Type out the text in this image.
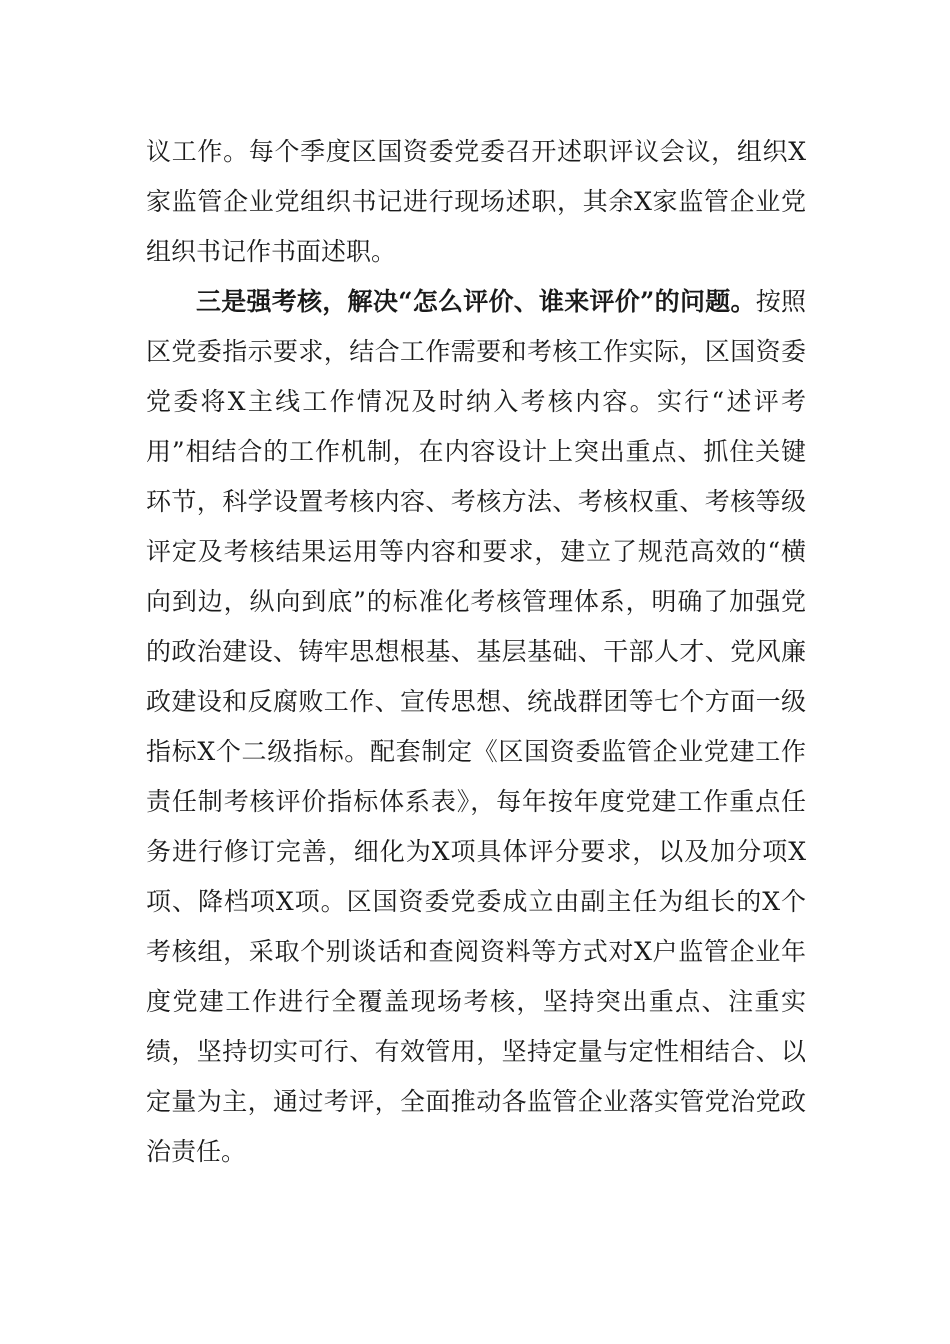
议工作。每个季度区国资委党委召开述职评议会议，组织X家监管企业党组织书记进行现场述职，其余X家监管企业党组织书记作书面述职。

三是强考核，解决“怎么评价、谁来评价”的问题。按照区党委指示要求，结合工作需要和考核工作实际，区国资委党委将X主线工作情况及时纳入考核内容。实行“述评考用”相结合的工作机制，在内容设计上突出重点、抓住关键环节，科学设置考核内容、考核方法、考核权重、考核等级评定及考核结果运用等内容和要求，建立了规范高效的“横向到边，纵向到底”的标准化考核管理体系，明确了加强党的政治建设、铸牢思想根基、基层基础、干部人才、党风廉政建设和反腐败工作、宣传思想、统战群团等七个方面一级指标X个二级指标。配套制定《区国资委监管企业党建工作责任制考核评价指标体系表》，每年按年度党建工作重点任务进行修订完善，细化为X项具体评分要求，以及加分项X项、降档项X项。区国资委党委成立由副主任为组长的X个考核组，采取个别谈话和查阅资料等方式对X户监管企业年度党建工作进行全覆盖现场考核，坚持突出重点、注重实绩，坚持切实可行、有效管用，坚持定量与定性相结合、以定量为主，通过考评，全面推动各监管企业落实管党治党政治责任。
